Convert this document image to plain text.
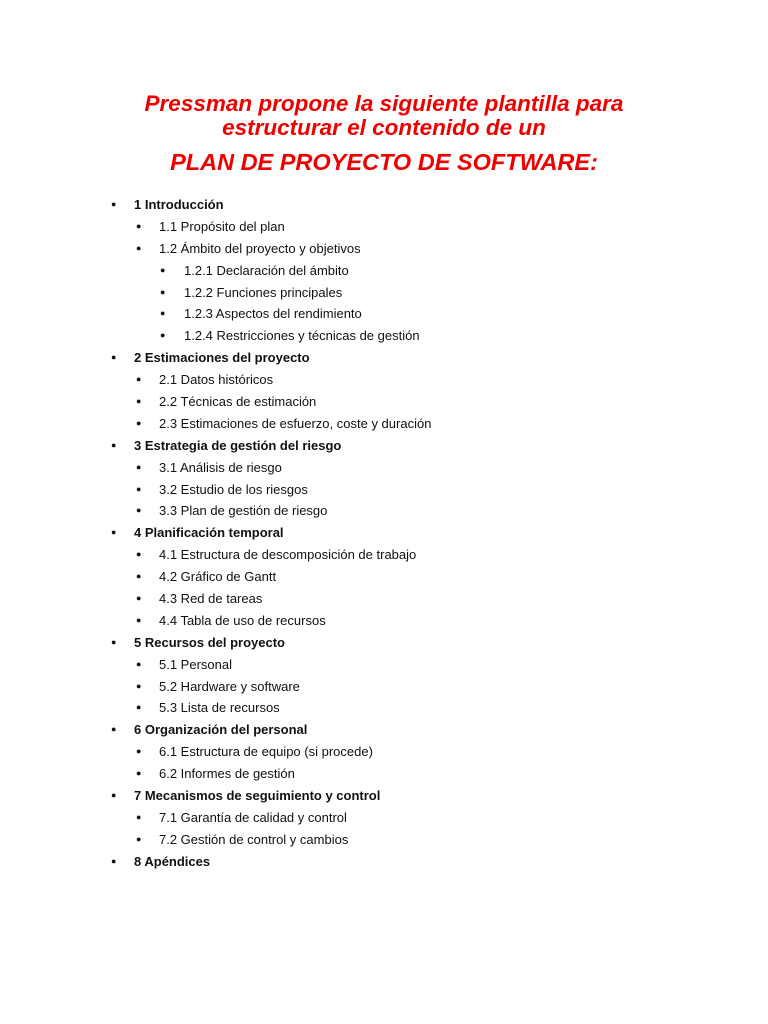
Pressman propone la siguiente plantilla para
estructurar el contenido de un
PLAN DE PROYECTO DE SOFTWARE:
● 1 Introducción
● 1.1 Propósito del plan
● 1.2 Ámbito del proyecto y objetivos
● 1.2.1 Declaración del ámbito
● 1.2.2 Funciones principales
● 1.2.3 Aspectos del rendimiento
● 1.2.4 Restricciones y técnicas de gestión
● 2 Estimaciones del proyecto
● 2.1 Datos históricos
● 2.2 Técnicas de estimación
● 2.3 Estimaciones de esfuerzo, coste y duración
● 3 Estrategia de gestión del riesgo
● 3.1 Análisis de riesgo
● 3.2 Estudio de los riesgos
● 3.3 Plan de gestión de riesgo
● 4 Planificación temporal
● 4.1 Estructura de descomposición de trabajo
● 4.2 Gráfico de Gantt
● 4.3 Red de tareas
● 4.4 Tabla de uso de recursos
● 5 Recursos del proyecto
● 5.1 Personal
● 5.2 Hardware y software
● 5.3 Lista de recursos
● 6 Organización del personal
● 6.1 Estructura de equipo (si procede)
● 6.2 Informes de gestión
● 7 Mecanismos de seguimiento y control
● 7.1 Garantía de calidad y control
● 7.2 Gestión de control y cambios
● 8 Apéndices
